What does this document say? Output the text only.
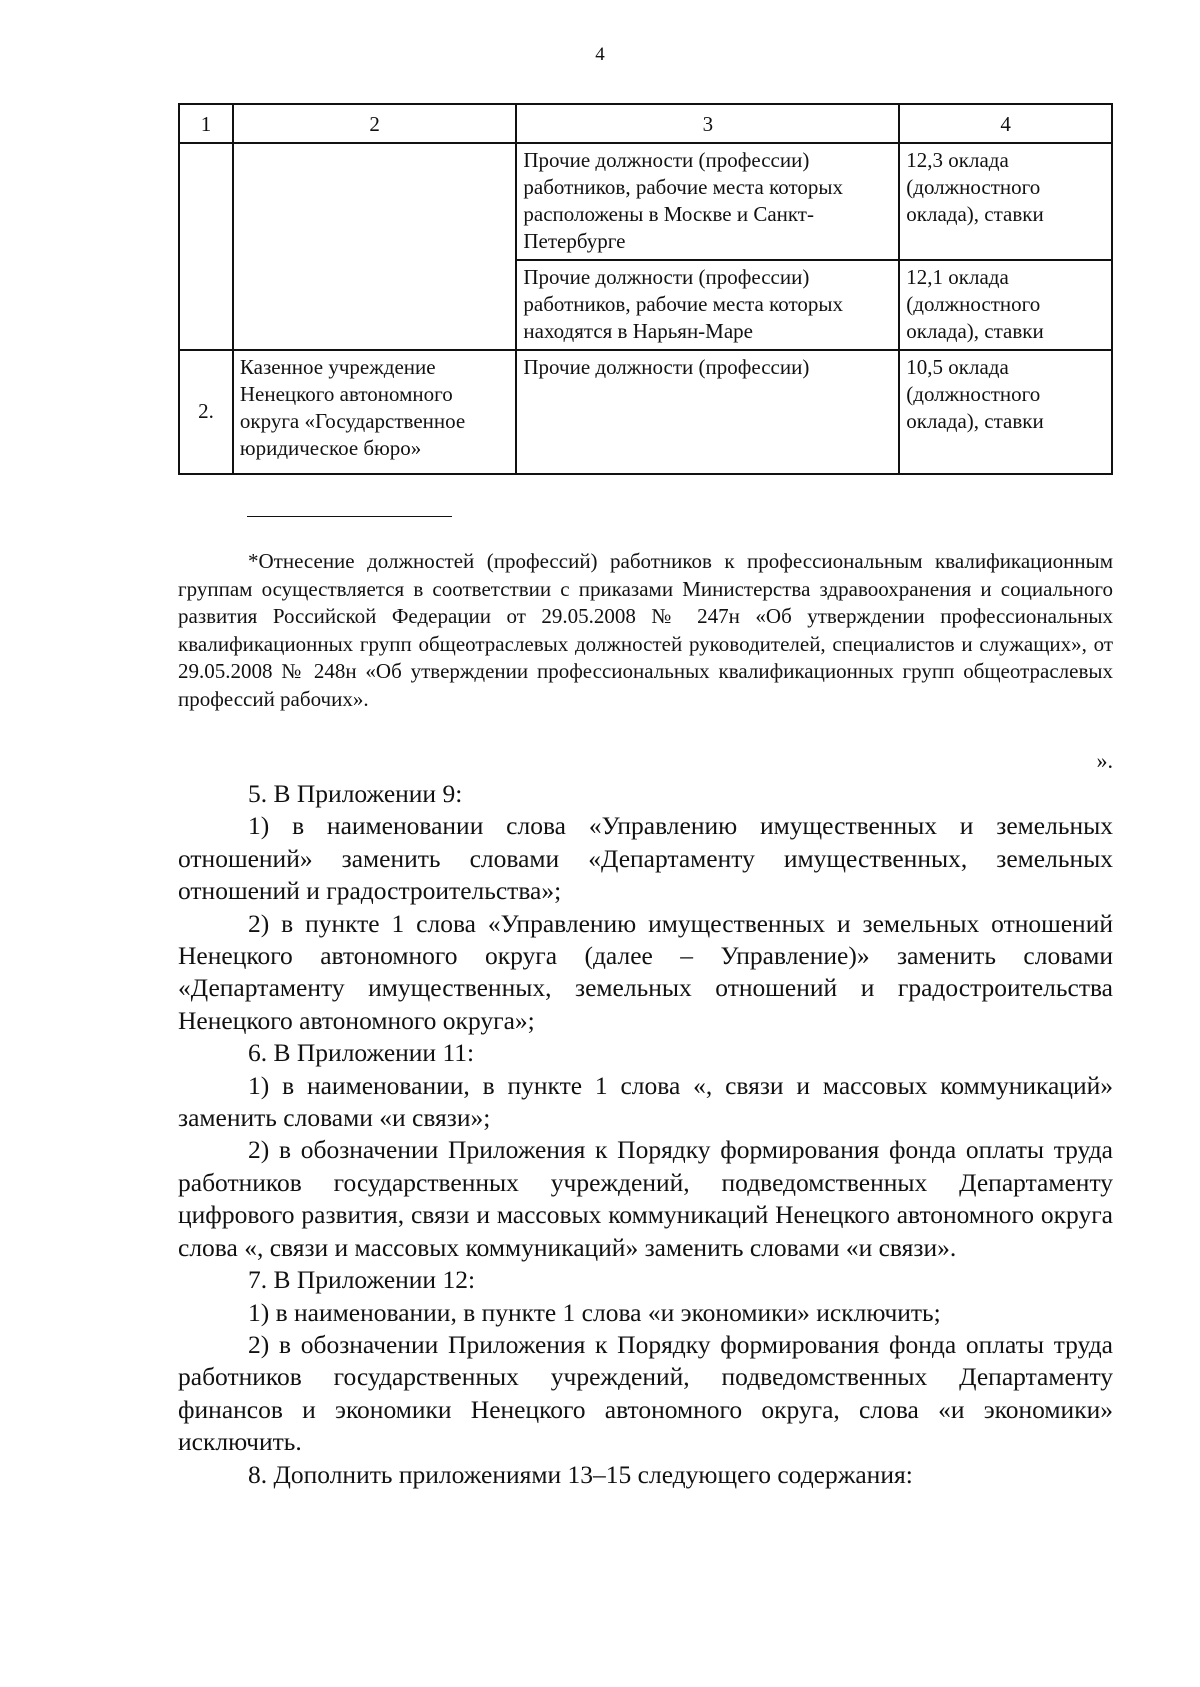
4
1	2	3	4
		Прочие должности (профессии) работников, рабочие места которых расположены в Москве и Санкт-Петербурге	12,3 оклада (должностного оклада), ставки
		Прочие должности (профессии) работников, рабочие места которых находятся в Нарьян-Маре	12,1 оклада (должностного оклада), ставки
2.	Казенное учреждение Ненецкого автономного округа «Государственное юридическое бюро»	Прочие должности (профессии)	10,5 оклада (должностного оклада), ставки

*Отнесение должностей (профессий) работников к профессиональным квалификационным группам осуществляется в соответствии с приказами Министерства здравоохранения и социального развития Российской Федерации от 29.05.2008 № 247н «Об утверждении профессиональных квалификационных групп общеотраслевых должностей руководителей, специалистов и служащих», от 29.05.2008 № 248н «Об утверждении профессиональных квалификационных групп общеотраслевых профессий рабочих».

».

5. В Приложении 9:

1) в наименовании слова «Управлению имущественных и земельных отношений» заменить словами «Департаменту имущественных, земельных отношений и градостроительства»;

2) в пункте 1 слова «Управлению имущественных и земельных отношений Ненецкого автономного округа (далее – Управление)» заменить словами «Департаменту имущественных, земельных отношений и градостроительства Ненецкого автономного округа»;

6. В Приложении 11:

1) в наименовании, в пункте 1 слова «, связи и массовых коммуникаций» заменить словами «и связи»;

2) в обозначении Приложения к Порядку формирования фонда оплаты труда работников государственных учреждений, подведомственных Департаменту цифрового развития, связи и массовых коммуникаций Ненецкого автономного округа слова «, связи и массовых коммуникаций» заменить словами «и связи».

7. В Приложении 12:

1) в наименовании, в пункте 1 слова «и экономики» исключить;

2) в обозначении Приложения к Порядку формирования фонда оплаты труда работников государственных учреждений, подведомственных Департаменту финансов и экономики Ненецкого автономного округа, слова «и экономики» исключить.

8. Дополнить приложениями 13–15 следующего содержания:
